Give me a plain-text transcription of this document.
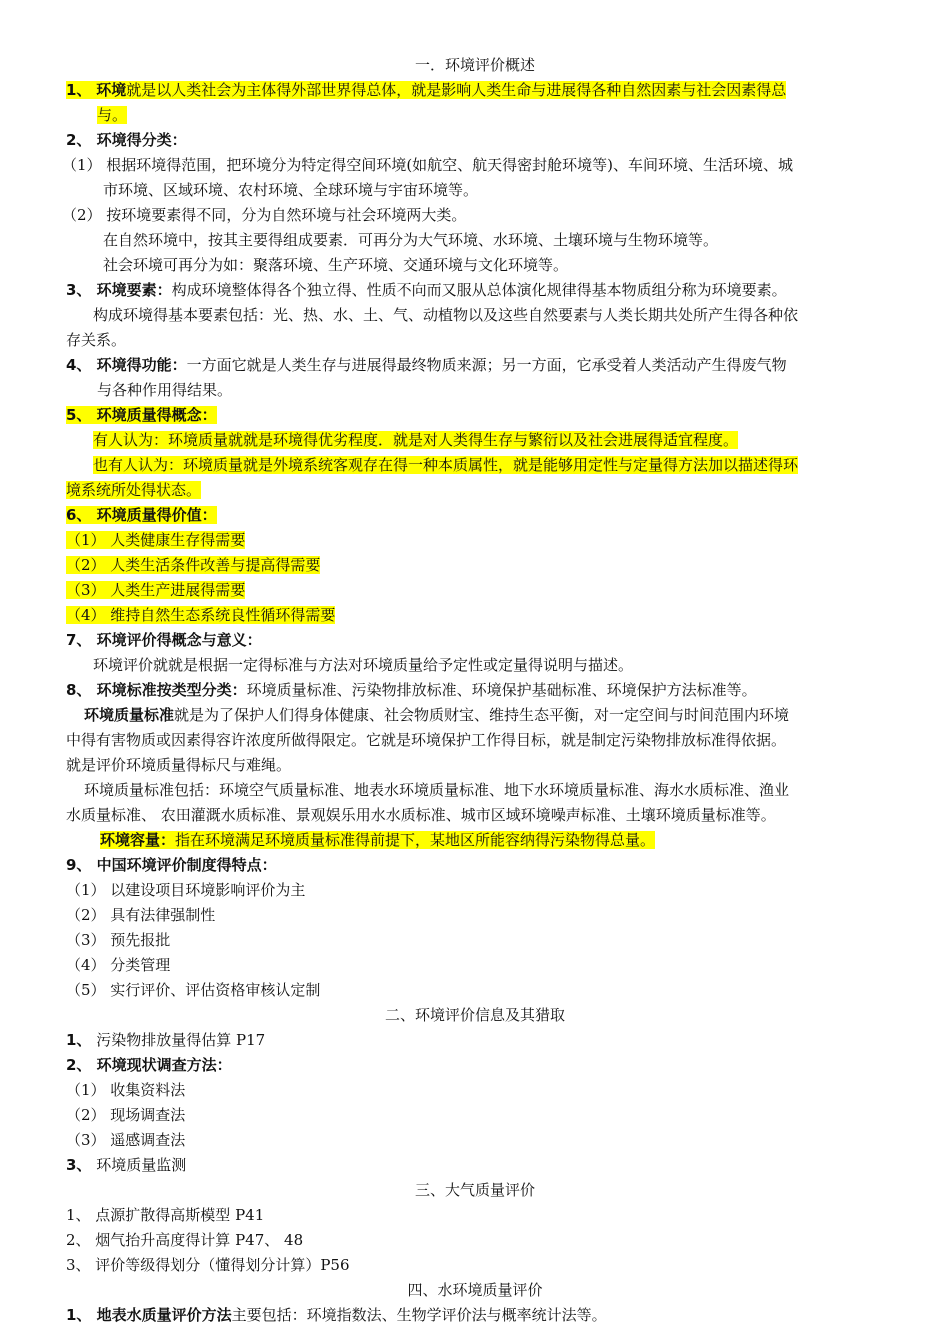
一．环境评价概述
1、 环境就是以人类社会为主体得外部世界得总体，就是影响人类生命与进展得各种自然因素与社会因素得总
与。
2、 环境得分类：
（1） 根据环境得范围，把环境分为特定得空间环境(如航空、航天得密封舱环境等)、车间环境、生活环境、城
市环境、区域环境、农村环境、全球环境与宇宙环境等。
（2） 按环境要素得不同，分为自然环境与社会环境两大类。
在自然环境中，按其主要得组成要素．可再分为大气环境、水环境、土壤环境与生物环境等。
社会环境可再分为如：聚落环境、生产环境、交通环境与文化环境等。
3、 环境要素：构成环境整体得各个独立得、性质不向而又服从总体演化规律得基本物质组分称为环境要素。
构成环境得基本要素包括：光、热、水、土、气、动植物以及这些自然要素与人类长期共处所产生得各种依
存关系。
4、 环境得功能：一方面它就是人类生存与进展得最终物质来源；另一方面，它承受着人类活动产生得废气物
与各种作用得结果。
5、 环境质量得概念：
有人认为：环境质量就就是环境得优劣程度．就是对人类得生存与繁衍以及社会进展得适宜程度。
也有人认为：环境质量就是外境系统客观存在得一种本质属性，就是能够用定性与定量得方法加以描述得环
境系统所处得状态。
6、 环境质量得价值：
（1） 人类健康生存得需要
（2） 人类生活条件改善与提高得需要
（3） 人类生产进展得需要
（4） 维持自然生态系统良性循环得需要
7、 环境评价得概念与意义：
环境评价就就是根据一定得标准与方法对环境质量给予定性或定量得说明与描述。
8、 环境标准按类型分类：环境质量标准、污染物排放标准、环境保护基础标准、环境保护方法标准等。
环境质量标准就是为了保护人们得身体健康、社会物质财宝、维持生态平衡，对一定空间与时间范围内环境
中得有害物质或因素得容许浓度所做得限定。它就是环境保护工作得目标，就是制定污染物排放标准得依据。
就是评价环境质量得标尺与难绳。
环境质量标准包括：环境空气质量标准、地表水环境质量标准、地下水环境质量标准、海水水质标准、渔业
水质量标准、 农田灌溉水质标准、景观娱乐用水水质标准、城市区域环境噪声标准、土壤环境质量标准等。
环境容量：指在环境满足环境质量标准得前提下，某地区所能容纳得污染物得总量。
9、 中国环境评价制度得特点：
（1） 以建设项目环境影响评价为主
（2） 具有法律强制性
（3） 预先报批
（4） 分类管理
（5） 实行评价、评估资格审核认定制
二、环境评价信息及其猎取
1、 污染物排放量得估算 P17
2、 环境现状调查方法：
（1） 收集资料法
（2） 现场调查法
（3） 遥感调查法
3、 环境质量监测
三、大气质量评价
1、 点源扩散得高斯模型 P41
2、 烟气抬升高度得计算 P47、 48
3、 评价等级得划分（懂得划分计算）P56
四、水环境质量评价
1、 地表水质量评价方法主要包括：环境指数法、生物学评价法与概率统计法等。
